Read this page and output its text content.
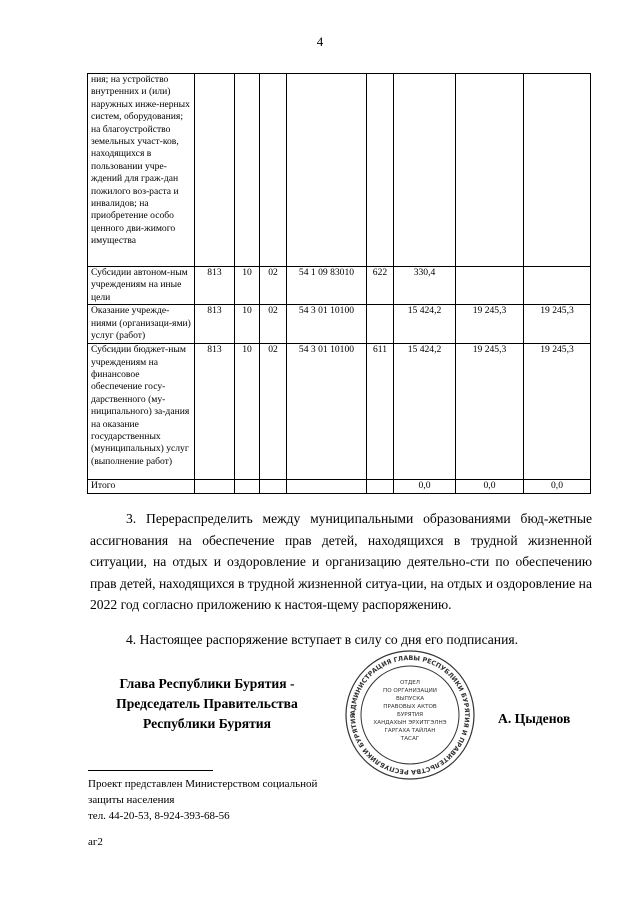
4
ния; на устройство внутренних и (или) наружных инже-нерных систем, оборудования; на благоустройство земельных участ-ков, находящихся в пользовании учре-ждений для граж-дан пожилого воз-раста и инвалидов; на приобретение особо ценного дви-жимого имущества								
Субсидии автоном-ным учреждениям на иные цели	813	10	02	54 1 09 83010	622	330,4		
Оказание учрежде-ниями (организаци-ями) услуг (работ)	813	10	02	54 3 01 10100		15 424,2	19 245,3	19 245,3
Субсидии бюджет-ным учреждениям на финансовое обеспечение госу-дарственного (му-ниципального) за-дания на оказание государственных (муниципальных) услуг (выполнение работ)	813	10	02	54 3 01 10100	611	15 424,2	19 245,3	19 245,3
Итого						0,0	0,0	0,0
3. Перераспределить между муниципальными образованиями бюд-жетные ассигнования на обеспечение прав детей, находящихся в трудной жизненной ситуации, на отдых и оздоровление и организацию деятельно-сти по обеспечению прав детей, находящихся в трудной жизненной ситуа-ции, на отдых и оздоровление на 2022 год согласно приложению к настоя-щему распоряжению.
4. Настоящее распоряжение вступает в силу со дня его подписания.
Глава Республики Бурятия -
Председатель Правительства
Республики Бурятия
АДМИНИСТРАЦИЯ ГЛАВЫ РЕСПУБЛИКИ БУРЯТИЯ И ПРАВИТЕЛЬСТВА РЕСПУБЛИКИ БУРЯТИЯ
ОТДЕЛ
ПО ОРГАНИЗАЦИИ
ВЫПУСКА
ПРАВОВЫХ АКТОВ
БУРЯТИЯ
ХАНДАХЫН ЭРХИТГЭЛНЭ
ГАРГАХА ТАЙЛАН
ТАСАГ
А. Цыденов
Проект представлен Министерством социальной
защиты населения
тел. 44-20-53, 8-924-393-68-56
аг2
